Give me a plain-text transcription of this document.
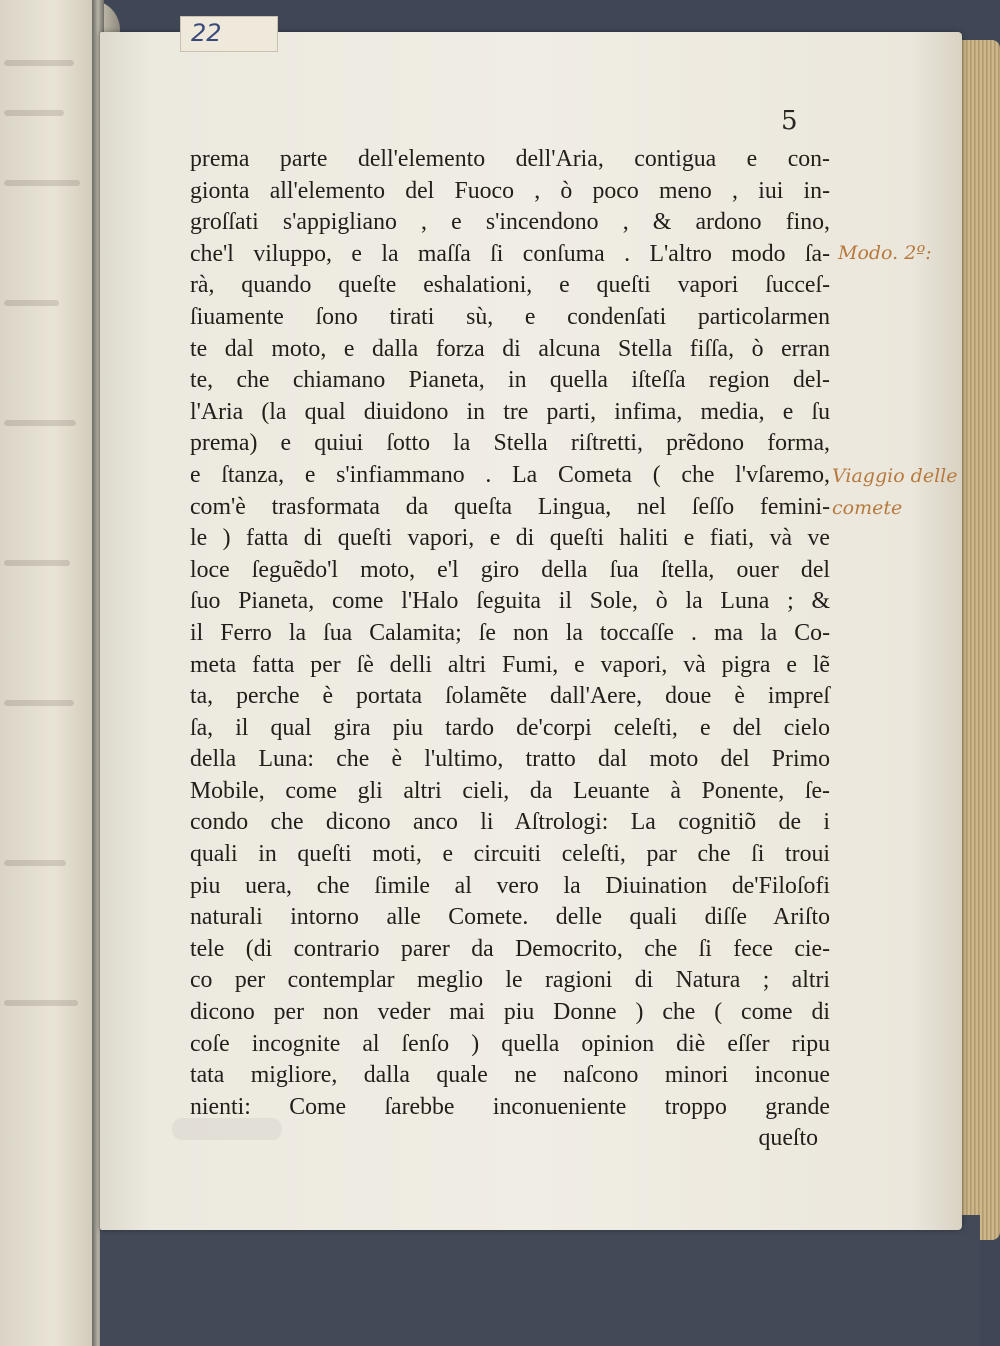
22
5
prema parte dell'elemento dell'Aria, contigua e con-
gionta all'elemento del Fuoco , ò poco meno , iui in-
groſſati s'appigliano , e s'incendono , & ardono fino,
che'l viluppo, e la maſſa ſi conſuma . L'altro modo ſa-
rà, quando queſte eshalationi, e queſti vapori ſucceſ-
ſiuamente ſono tirati sù, e condenſati particolarmen
te dal moto, e dalla forza di alcuna Stella fiſſa, ò erran
te, che chiamano Pianeta, in quella iſteſſa region del-
l'Aria (la qual diuidono in tre parti, infima, media, e ſu
prema) e quiui ſotto la Stella riſtretti, prẽdono forma,
e ſtanza, e s'infiammano . La Cometa ( che l'vſaremo,
com'è trasformata da queſta Lingua, nel ſeſſo femini-
le ) fatta di queſti vapori, e di queſti haliti e fiati, và ve
loce ſeguẽdo'l moto, e'l giro della ſua ſtella, ouer del
ſuo Pianeta, come l'Halo ſeguita il Sole, ò la Luna ; &
il Ferro la ſua Calamita; ſe non la toccaſſe . ma la Co-
meta fatta per ſè delli altri Fumi, e vapori, và pigra e lẽ
ta, perche è portata ſolamẽte dall'Aere, doue è impreſ
ſa, il qual gira piu tardo de'corpi celeſti, e del cielo
della Luna: che è l'ultimo, tratto dal moto del Primo
Mobile, come gli altri cieli, da Leuante à Ponente, ſe-
condo che dicono anco li Aſtrologi: La cognitiõ de i
quali in queſti moti, e circuiti celeſti, par che ſi troui
piu uera, che ſimile al vero la Diuination de'Filoſofi
naturali intorno alle Comete. delle quali diſſe Ariſto
tele (di contrario parer da Democrito, che ſi fece cie-
co per contemplar meglio le ragioni di Natura ; altri
dicono per non veder mai piu Donne ) che ( come di
coſe incognite al ſenſo ) quella opinion diè eſſer ripu
tata migliore, dalla quale ne naſcono minori inconue
nienti: Come ſarebbe inconueniente troppo grande
queſto
Modo. 2º:
Viaggio delle
comete
